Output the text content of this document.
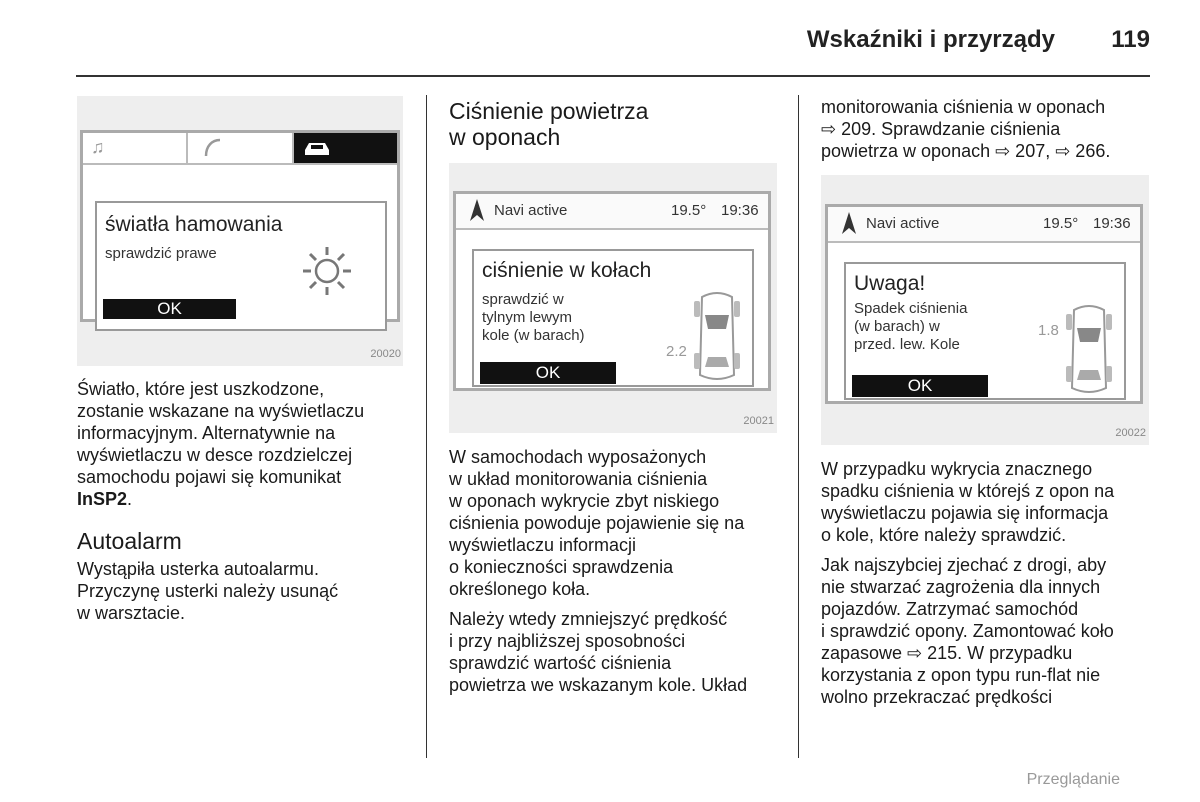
Wskaźniki i przyrządy 119
♫
światła hamowania
sprawdzić prawe
OK
20020

Światło, które jest uszkodzone,
zostanie wskazane na wyświetlaczu
informacyjnym. Alternatywnie na
wyświetlaczu w desce rozdzielczej
samochodu pojawi się komunikat
InSP2.

Autoalarm

Wystąpiła usterka autoalarmu.
Przyczynę usterki należy usunąć
w warsztacie.

Ciśnienie powietrza
w oponach
Navi active	19.5° 19:36
ciśnienie w kołach
sprawdzić w
tylnym lewym
kole (w barach)
2.2
OK
20021

W samochodach wyposażonych
w układ monitorowania ciśnienia
w oponach wykrycie zbyt niskiego
ciśnienia powoduje pojawienie się na
wyświetlaczu informacji
o konieczności sprawdzenia
określonego koła.

Należy wtedy zmniejszyć prędkość
i przy najbliższej sposobności
sprawdzić wartość ciśnienia
powietrza we wskazanym kole. Układ

monitorowania ciśnienia w oponach
⇨ 209. Sprawdzanie ciśnienia
powietrza w oponach ⇨ 207, ⇨ 266.

Navi active	19.5° 19:36
Uwaga!
Spadek ciśnienia
(w barach) w
przed. lew. Kole
1.8
OK
20022

W przypadku wykrycia znacznego
spadku ciśnienia w którejś z opon na
wyświetlaczu pojawia się informacja
o kole, które należy sprawdzić.

Jak najszybciej zjechać z drogi, aby
nie stwarzać zagrożenia dla innych
pojazdów. Zatrzymać samochód
i sprawdzić opony. Zamontować koło
zapasowe ⇨ 215. W przypadku
korzystania z opon typu run-flat nie
wolno przekraczać prędkości

Przeglądanie
